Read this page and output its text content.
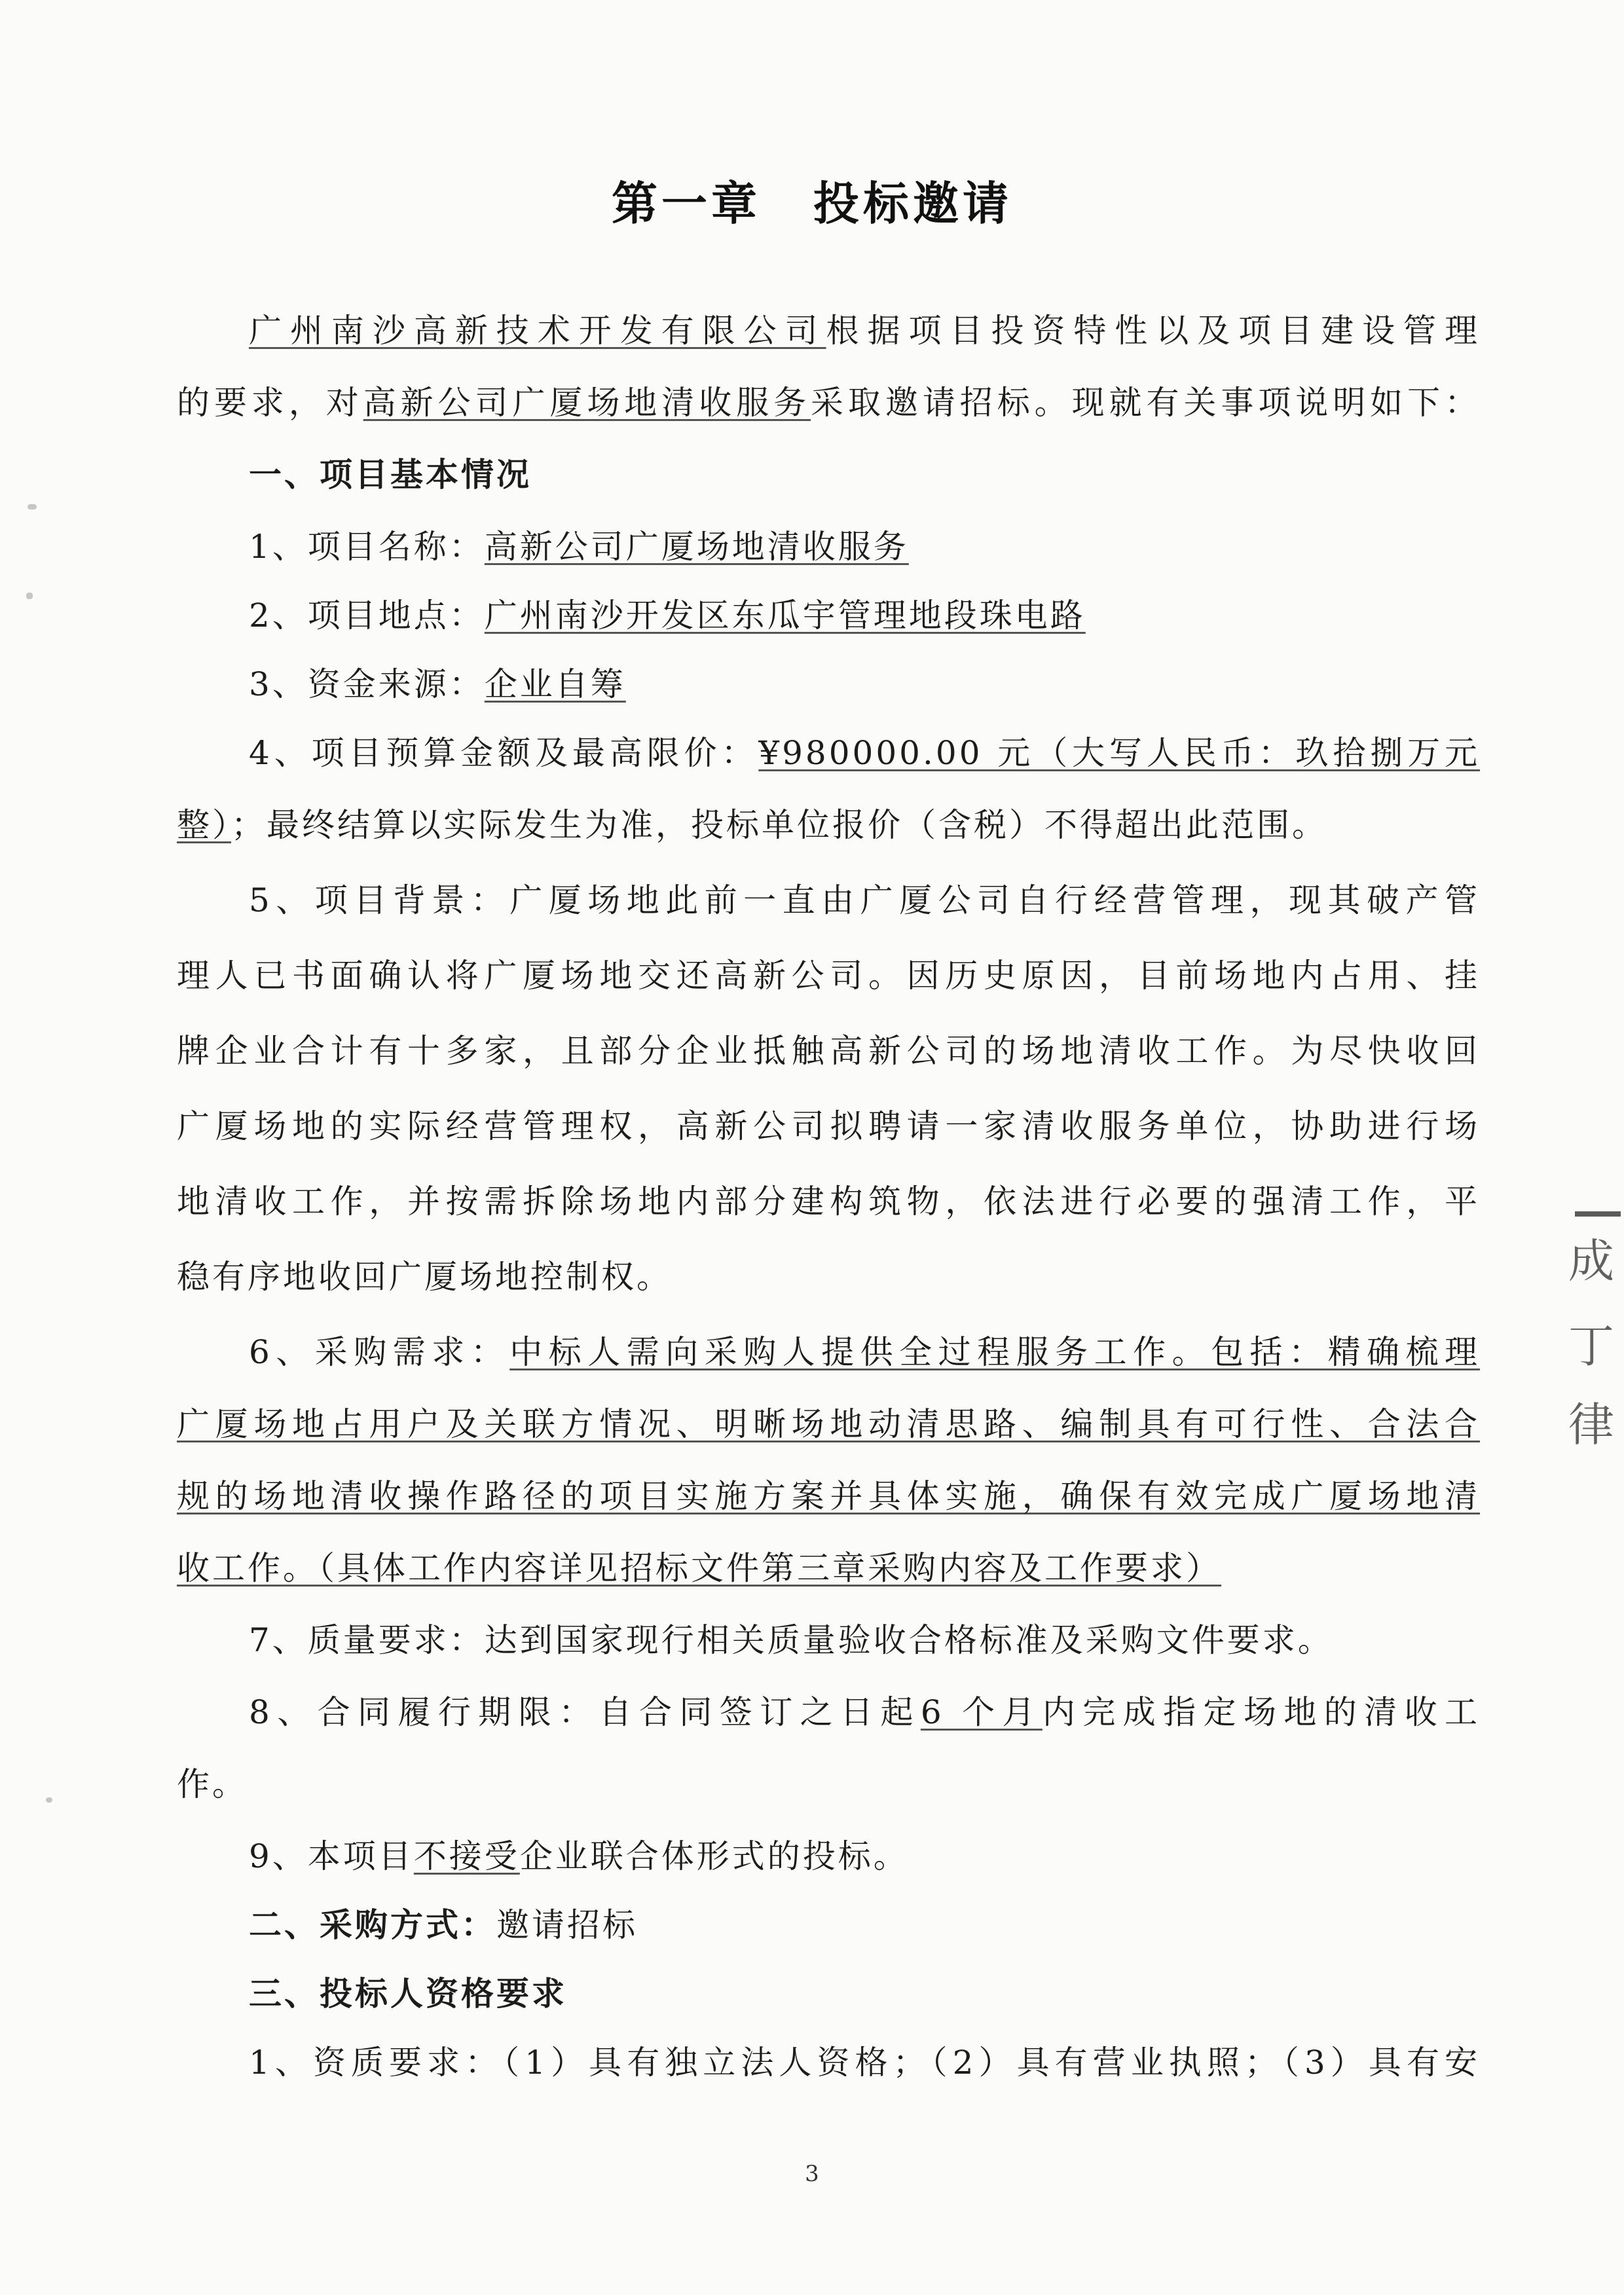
第一章 投标邀请
广州南沙高新技术开发有限公司根据项目投资特性以及项目建设管理
的要求，对高新公司广厦场地清收服务采取邀请招标。现就有关事项说明如下：
一、项目基本情况
1、项目名称：高新公司广厦场地清收服务
2、项目地点：广州南沙开发区东瓜宇管理地段珠电路
3、资金来源：企业自筹
4、项目预算金额及最高限价：¥980000.00 元（大写人民币：玖拾捌万元
整）；最终结算以实际发生为准，投标单位报价（含税）不得超出此范围。
5、项目背景：广厦场地此前一直由广厦公司自行经营管理，现其破产管
理人已书面确认将广厦场地交还高新公司。因历史原因，目前场地内占用、挂
牌企业合计有十多家，且部分企业抵触高新公司的场地清收工作。为尽快收回
广厦场地的实际经营管理权，高新公司拟聘请一家清收服务单位，协助进行场
地清收工作，并按需拆除场地内部分建构筑物，依法进行必要的强清工作，平
稳有序地收回广厦场地控制权。
6、采购需求：中标人需向采购人提供全过程服务工作。包括：精确梳理
广厦场地占用户及关联方情况、明晰场地动清思路、编制具有可行性、合法合
规的场地清收操作路径的项目实施方案并具体实施，确保有效完成广厦场地清
收工作。（具体工作内容详见招标文件第三章采购内容及工作要求）
7、质量要求：达到国家现行相关质量验收合格标准及采购文件要求。
8、合同履行期限：自合同签订之日起6 个月内完成指定场地的清收工
作。
9、本项目不接受企业联合体形式的投标。
二、采购方式：邀请招标
三、投标人资格要求
1、资质要求：（1）具有独立法人资格；（2）具有营业执照；（3）具有安
3
成
丁
律
